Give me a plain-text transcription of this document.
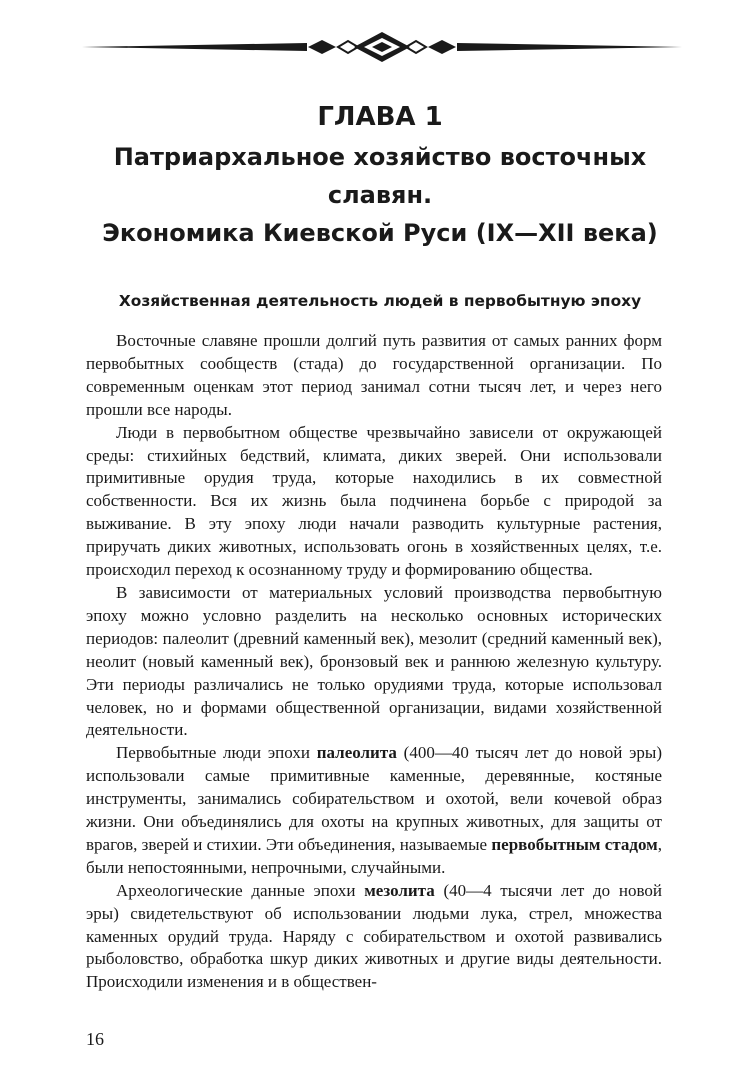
ГЛАВА 1
Патриархальное хозяйство восточных славян.
Экономика Киевской Руси (IX—XII века)
Хозяйственная деятельность людей в первобытную эпоху

Восточные славяне прошли долгий путь развития от самых ранних форм первобытных сообществ (стада) до государственной организации. По современным оценкам этот период занимал сотни тысяч лет, и через него прошли все народы.

Люди в первобытном обществе чрезвычайно зависели от окружающей среды: стихийных бедствий, климата, диких зверей. Они использовали примитивные орудия труда, которые находились в их совместной собственности. Вся их жизнь была подчинена борьбе с природой за выживание. В эту эпоху люди начали разводить культурные растения, приручать диких животных, использовать огонь в хозяйственных целях, т.е. происходил переход к осознанному труду и формированию общества.

В зависимости от материальных условий производства первобытную эпоху можно условно разделить на несколько основных исторических периодов: палеолит (древний каменный век), мезолит (средний каменный век), неолит (новый каменный век), бронзовый век и раннюю железную культуру. Эти периоды различались не только орудиями труда, которые использовал человек, но и формами общественной организации, видами хозяйственной деятельности.

Первобытные люди эпохи палеолита (400—40 тысяч лет до новой эры) использовали самые примитивные каменные, деревянные, костяные инструменты, занимались собирательством и охотой, вели кочевой образ жизни. Они объединялись для охоты на крупных животных, для защиты от врагов, зверей и стихии. Эти объединения, называемые первобытным стадом, были непостоянными, непрочными, случайными.

Археологические данные эпохи мезолита (40—4 тысячи лет до новой эры) свидетельствуют об использовании людьми лука, стрел, множества каменных орудий труда. Наряду с собирательством и охотой развивались рыболовство, обработка шкур диких животных и другие виды деятельности. Происходили изменения и в обществен-

16
